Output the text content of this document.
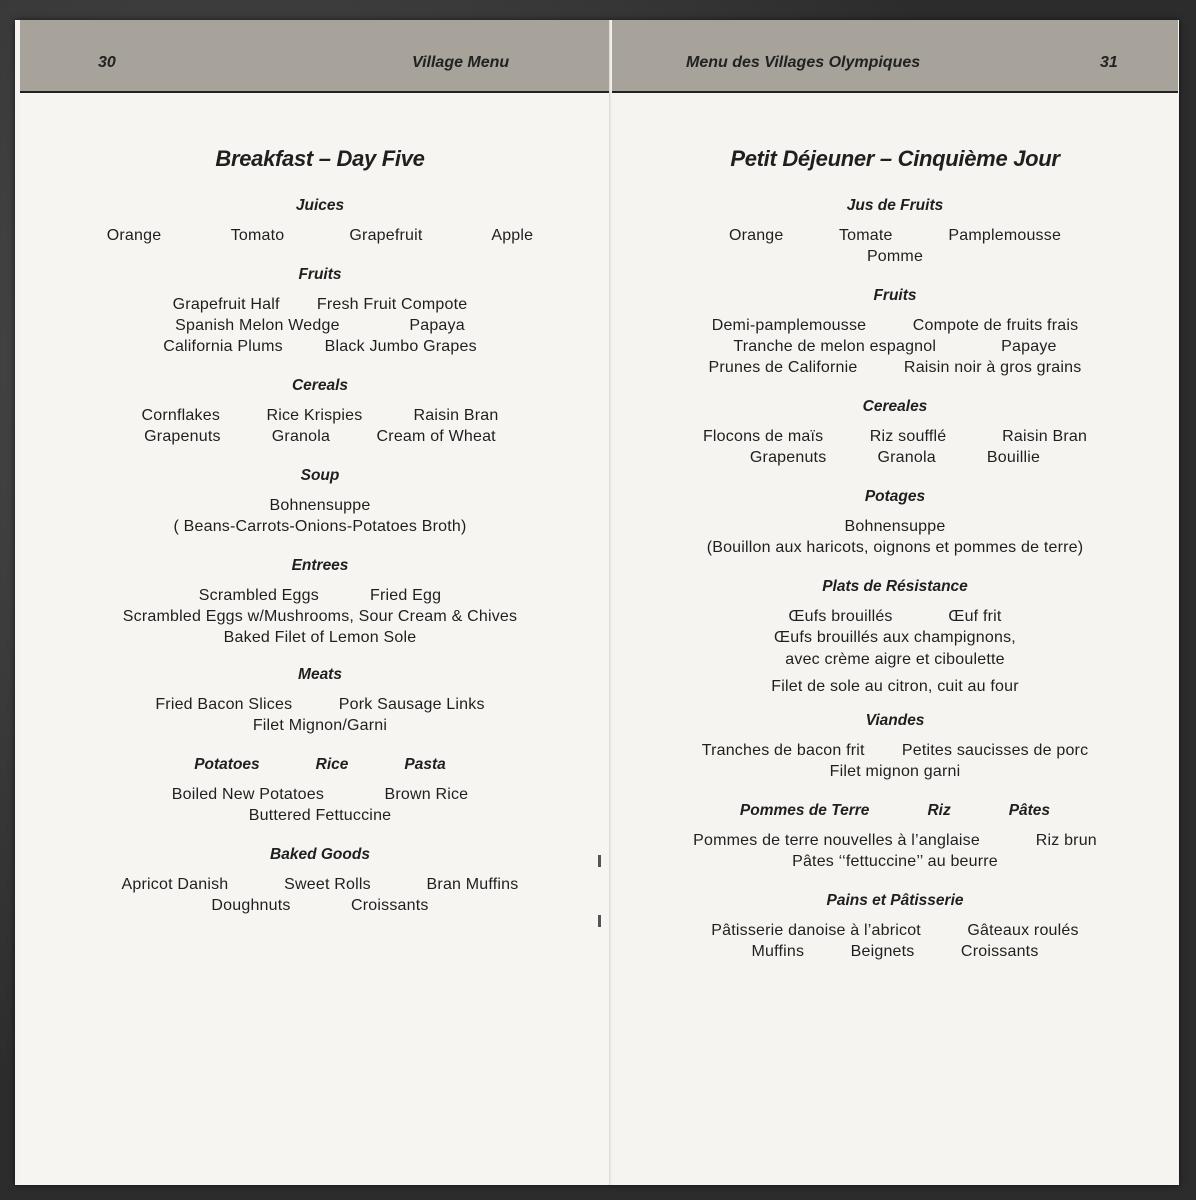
30	Village Menu
Breakfast – Day Five
Juices

Orange               Tomato              Grapefruit               Apple

Fruits

Grapefruit Half        Fresh Fruit Compote

Spanish Melon Wedge               Papaya

California Plums         Black Jumbo Grapes

Cereals

Cornflakes          Rice Krispies           Raisin Bran

Grapenuts           Granola          Cream of Wheat

Soup

Bohnensuppe

( Beans-Carrots-Onions-Potatoes Broth)

Entrees

Scrambled Eggs           Fried Egg

Scrambled Eggs w/Mushrooms, Sour Cream & Chives

Baked Filet of Lemon Sole

Meats

Fried Bacon Slices          Pork Sausage Links

Filet Mignon/Garni

Potatoes	Rice	Pasta

Boiled New Potatoes             Brown Rice

Buttered Fettuccine

Baked Goods

Apricot Danish            Sweet Rolls            Bran Muffins

Doughnuts             Croissants

Menu des Villages Olympiques	31
Petit Déjeuner – Cinquième Jour
Jus de Fruits

Orange            Tomate            Pamplemousse

Pomme

Fruits

Demi-pamplemousse          Compote de fruits frais

Tranche de melon espagnol              Papaye

Prunes de Californie          Raisin noir à gros grains

Cereales

Flocons de maïs          Riz soufflé            Raisin Bran

Grapenuts           Granola           Bouillie

Potages

Bohnensuppe

(Bouillon aux haricots, oignons et pommes de terre)

Plats de Résistance

Œufs brouillés            Œuf frit

Œufs brouillés aux champignons,

avec crème aigre et ciboulette

Filet de sole au citron, cuit au four

Viandes

Tranches de bacon frit        Petites saucisses de porc

Filet mignon garni

Pommes de Terre	Riz	Pâtes

Pommes de terre nouvelles à l’anglaise            Riz brun

Pâtes ‘‘fettuccine’’ au beurre

Pains et Pâtisserie

Pâtisserie danoise à l’abricot          Gâteaux roulés

Muffins          Beignets          Croissants
